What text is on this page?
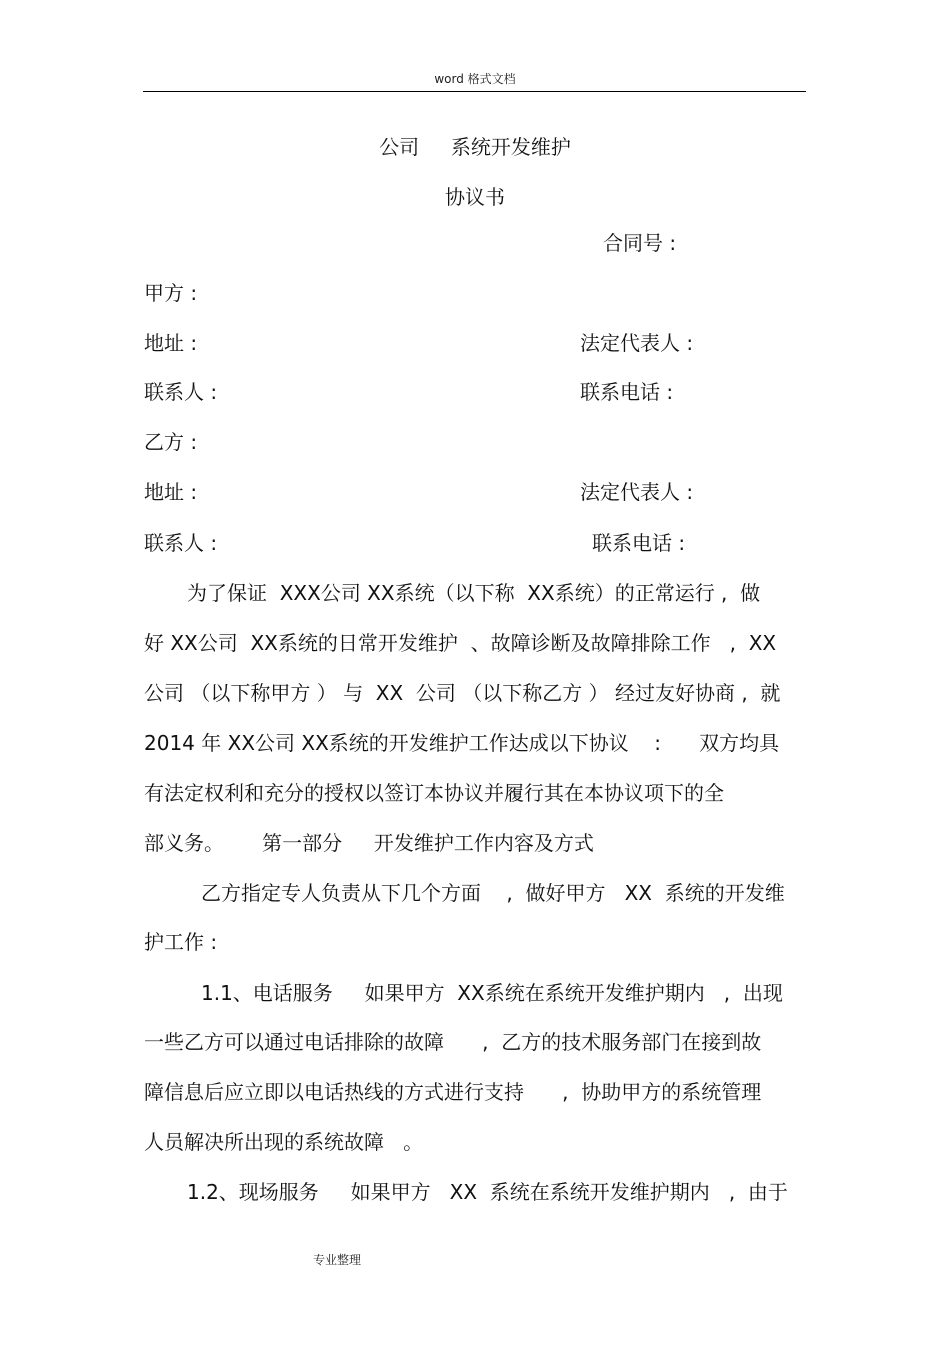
word 格式文档
公司     系统开发维护
协议书
合同号 :
甲方 :
地址 :	法定代表人 :
联系人 :	联系电话 :
乙方 :
地址 :	法定代表人 :
联系人 :	联系电话 :
为了保证  XXX公司 XX系统（以下称  XX系统）的正常运行 ,  做
好 XX公司  XX系统的日常开发维护  、故障诊断及故障排除工作   ,  XX
公司 （以下称甲方 ） 与  XX  公司 （以下称乙方 ） 经过友好协商 ,  就
2014 年 XX公司 XX系统的开发维护工作达成以下协议    :      双方均具
有法定权利和充分的授权以签订本协议并履行其在本协议项下的全
部义务。      第一部分     开发维护工作内容及方式
乙方指定专人负责从下几个方面    ,  做好甲方   XX  系统的开发维
护工作 :
1.1、电话服务     如果甲方  XX系统在系统开发维护期内   ,  出现
一些乙方可以通过电话排除的故障      ,  乙方的技术服务部门在接到故
障信息后应立即以电话热线的方式进行支持      ,  协助甲方的系统管理
人员解决所出现的系统故障   。
1.2、现场服务     如果甲方   XX  系统在系统开发维护期内   ,  由于
专业整理
